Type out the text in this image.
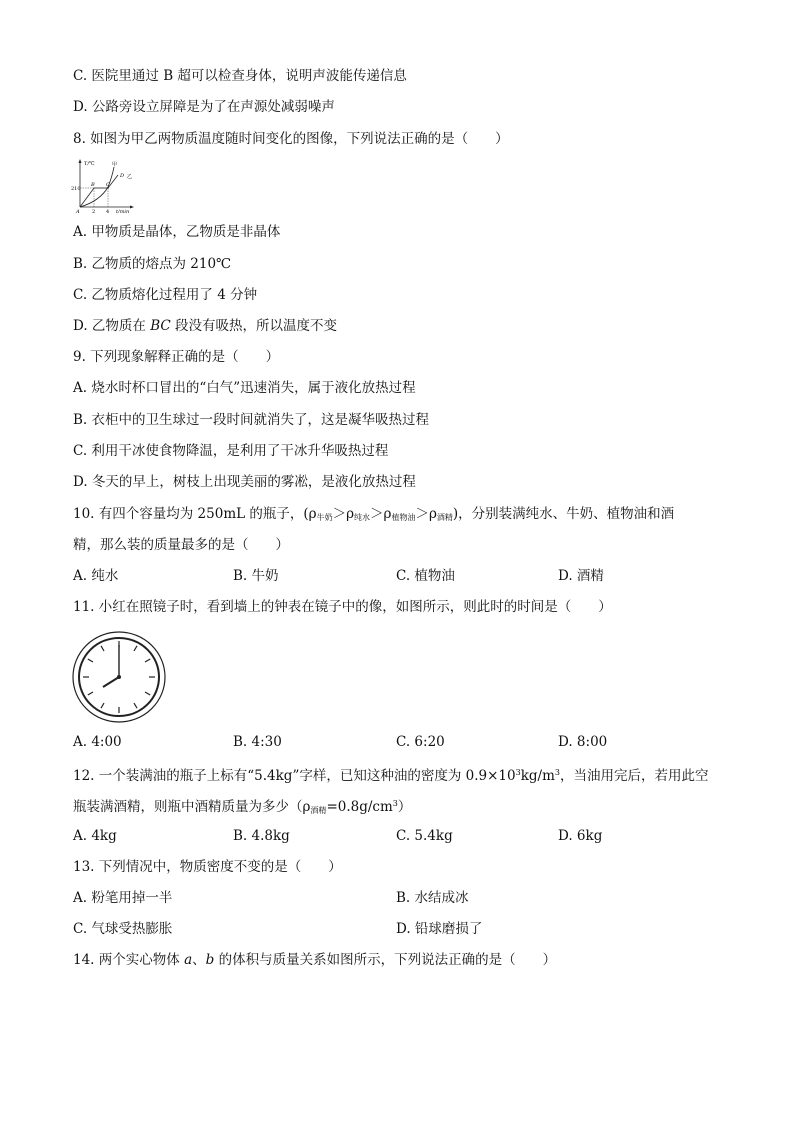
C. 医院里通过 B 超可以检查身体，说明声波能传递信息
D. 公路旁设立屏障是为了在声源处减弱噪声
8. 如图为甲乙两物质温度随时间变化的图像，下列说法正确的是（　　）
T/℃
210
A
B C
D
甲
乙
2 4 t/min
A. 甲物质是晶体，乙物质是非晶体
B. 乙物质的熔点为 210℃
C. 乙物质熔化过程用了 4 分钟
D. 乙物质在 BC 段没有吸热，所以温度不变
9. 下列现象解释正确的是（　　）
A. 烧水时杯口冒出的“白气”迅速消失，属于液化放热过程
B. 衣柜中的卫生球过一段时间就消失了，这是凝华吸热过程
C. 利用干冰使食物降温，是利用了干冰升华吸热过程
D. 冬天的早上，树枝上出现美丽的雾凇，是液化放热过程
10. 有四个容量均为 250mL 的瓶子，$(\rho_{牛奶}>\rho_{纯水}>\rho_{植物油}>\rho_{酒精})$，分别装满纯水、牛奶、植物油和酒
精，那么装的质量最多的是（　　）
A. 纯水	B. 牛奶	C. 植物油	D. 酒精
11. 小红在照镜子时，看到墙上的钟表在镜子中的像，如图所示，则此时的时间是（　　）
A. 4:00	B. 4:30	C. 6:20	D. 8:00
12. 一个装满油的瓶子上标有“5.4kg”字样，已知这种油的密度为 $0.9\times 10^3kg/m^3$，当油用完后，若用此空
瓶装满酒精，则瓶中酒精质量为多少$(\rho_{酒精}=0.8g/cm^3)$
A. 4kg	B. 4.8kg	C. 5.4kg	D. 6kg
13. 下列情况中，物质密度不变的是（　　）
A. 粉笔用掉一半	B. 水结成冰
C. 气球受热膨胀	D. 铅球磨损了
14. 两个实心物体 a、b 的体积与质量关系如图所示，下列说法正确的是（　　）
